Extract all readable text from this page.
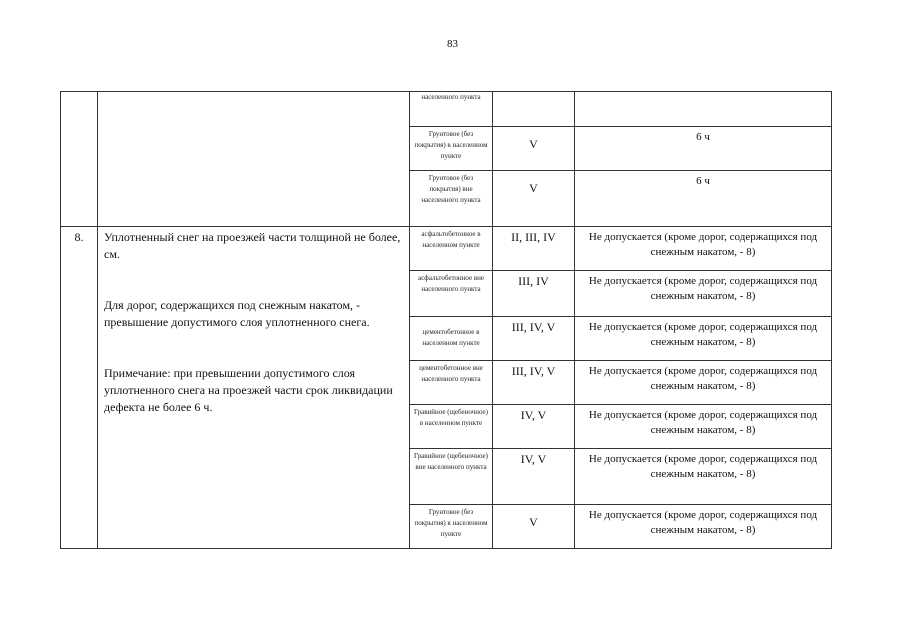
83
		населенного пункта		
		Грунтовое (без покрытия) в населенном пункте	V	6 ч
		Грунтовое (без покрытия) вне населенного пункта	V	6 ч
8.	Уплотненный снег на проезжей части толщиной не более, см.

Для дорог, содержащихся под снежным накатом, - превышение допустимого слоя уплотненного снега.

Примечание: при превышении допустимого слоя уплотненного снега на проезжей части срок ликвидации дефекта не более 6 ч.	асфальтобетонное в населенном пункте	II, III, IV	Не допускается (кроме дорог, содержащихся под снежным накатом, - 8)
		асфальтобетонное вне населенного пункта	III, IV	Не допускается (кроме дорог, содержащихся под снежным накатом, - 8)
		цементобетонное в населенном пункте	III, IV, V	Не допускается (кроме дорог, содержащихся под снежным накатом, - 8)
		цементобетонное вне населенного пункта	III, IV, V	Не допускается (кроме дорог, содержащихся под снежным накатом, - 8)
		Гравийное (щебеночное) в населенном пункте	IV, V	Не допускается (кроме дорог, содержащихся под снежным накатом, - 8)
		Гравийное (щебеночное) вне населенного пункта	IV, V	Не допускается (кроме дорог, содержащихся под снежным накатом, - 8)
		Грунтовое (без покрытия) в населенном пункте	V	Не допускается (кроме дорог, содержащихся под снежным накатом, - 8)
